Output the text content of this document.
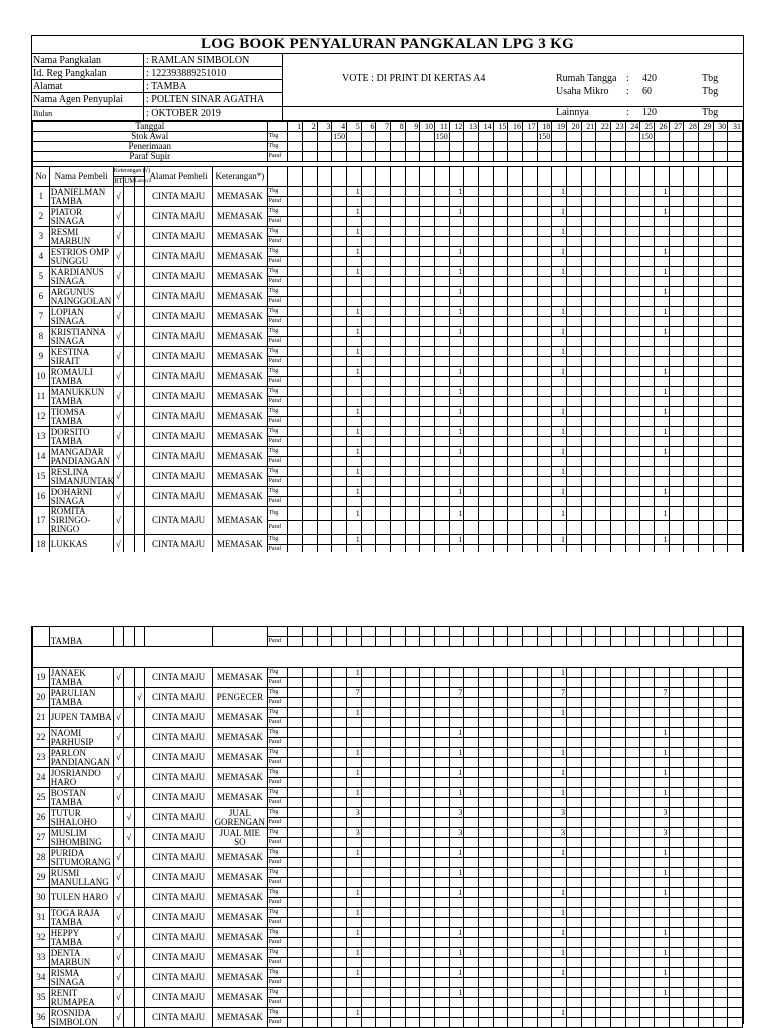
LOG BOOK PENYALURAN PANGKALAN LPG 3 KG
Nama Pangkalan	: RAMLAN SIMBOLON
Id. Reg Pangkalan	: 122393889251010
Alamat	: TAMBA
Nama Agen Penyuplai : POLTEN SINAR AGATHA
VOTE : DI PRINT DI KERTAS A4	Rumah Tangga : 420	Tbg
Usaha Mikro : 60	Tbg
Bulan	: OKTOBER 2019	Lainnya	: 120	Tbg
Tanggal								1	2	3	4	5	6	7	8	9	10	11	12	13	14	15	16	17	18	19	20	21	22	23	24	25	26	27	28	29	30	31
Stok Awal							Tbg				150							150							150							150						
Penerimaan							Tbg																															
Paraf Supir							Paraf																															

No	Nama Pembeli	Keterangan (√)			Alamat Pembeli	Keterangan*)																																
		RT	UM	Lainnya																																		
1	DANIELMAN TAMBA	√			CINTA MAJU	MEMASAK	Tbg					1							1							1							1					
							Paraf																															
2	PIATOR SINAGA	√			CINTA MAJU	MEMASAK	Tbg					1							1							1							1					
							Paraf																															
3	RESMI MARBUN	√			CINTA MAJU	MEMASAK	Tbg					1														1												
							Paraf																															
4	ESTRIOS OMP SUNGGU	√			CINTA MAJU	MEMASAK	Tbg					1							1							1							1					
							Paraf																															
5	KARDIANUS SINAGA	√			CINTA MAJU	MEMASAK	Tbg					1							1							1							1					
							Paraf																															
6	ARGUNUS NAINGGOLAN	√			CINTA MAJU	MEMASAK	Tbg												1														1					
							Paraf																															
7	LOPIAN SINAGA	√			CINTA MAJU	MEMASAK	Tbg					1							1							1							1					
							Paraf																															
8	KRISTIANNA SINAGA	√			CINTA MAJU	MEMASAK	Tbg					1							1							1							1					
							Paraf																															
9	KESTINA SIRAIT	√			CINTA MAJU	MEMASAK	Tbg					1														1												
							Paraf																															
10	ROMAULI TAMBA	√			CINTA MAJU	MEMASAK	Tbg					1							1							1							1					
							Paraf																															
11	MANUKKUN TAMBA	√			CINTA MAJU	MEMASAK	Tbg												1														1					
							Paraf																															
12	TIOMSA TAMBA	√			CINTA MAJU	MEMASAK	Tbg					1							1							1							1					
							Paraf																															
13	DORSITO TAMBA	√			CINTA MAJU	MEMASAK	Tbg					1							1							1							1					
							Paraf																															
14	MANGADAR PANDIANGAN	√			CINTA MAJU	MEMASAK	Tbg					1							1							1							1					
							Paraf																															
15	RESLINA SIMANJUNTAK	√			CINTA MAJU	MEMASAK	Tbg					1														1												
							Paraf																															
16	DOHARNI SINAGA	√			CINTA MAJU	MEMASAK	Tbg					1							1							1							1					
							Paraf																															
17	ROMITA SIRINGO-RINGO	√			CINTA MAJU	MEMASAK	Tbg					1							1							1							1					
							Paraf																															
18	LUKKAS	√			CINTA MAJU	MEMASAK	Tbg					1							1							1							1					
							Paraf																															
	TAMBA																																					
							Paraf																															

19	JANAEK TAMBA	√			CINTA MAJU	MEMASAK	Tbg					1														1												
							Paraf																															
20	PARULIAN TAMBA			√	CINTA MAJU	PENGECER	Tbg					7							7							7							7					
							Paraf																															
21	JUPEN TAMBA	√			CINTA MAJU	MEMASAK	Tbg					1														1												
							Paraf																															
22	NAOMI PARHUSIP	√			CINTA MAJU	MEMASAK	Tbg												1														1					
							Paraf																															
23	PARLON PANDIANGAN	√			CINTA MAJU	MEMASAK	Tbg					1							1							1							1					
							Paraf																															
24	JOSRIANDO HARO	√			CINTA MAJU	MEMASAK	Tbg					1							1							1							1					
							Paraf																															
25	BOSTAN TAMBA	√			CINTA MAJU	MEMASAK	Tbg					1							1							1							1					
							Paraf																															
26	TUTUR SIHALOHO		√		CINTA MAJU	JUAL GORENGAN	Tbg					3							3							3							3					
							Paraf																															
27	MUSLIM SIHOMBING		√		CINTA MAJU	JUAL MIE SO	Tbg					3							3							3							3					
							Paraf																															
28	PURIDA SITUMORANG	√			CINTA MAJU	MEMASAK	Tbg					1							1							1							1					
							Paraf																															
29	RUSMI MANULLANG	√			CINTA MAJU	MEMASAK	Tbg												1														1					
							Paraf																															
30	TULEN HARO	√			CINTA MAJU	MEMASAK	Tbg					1							1							1							1					
							Paraf																															
31	TOGA RAJA TAMBA	√			CINTA MAJU	MEMASAK	Tbg					1														1												
							Paraf																															
32	HEPPY TAMBA	√			CINTA MAJU	MEMASAK	Tbg					1							1							1							1					
							Paraf																															
33	DENTA MARBUN	√			CINTA MAJU	MEMASAK	Tbg					1							1							1							1					
							Paraf																															
34	RISMA SINAGA	√			CINTA MAJU	MEMASAK	Tbg					1							1							1							1					
							Paraf																															
35	RENIT RUMAPEA	√			CINTA MAJU	MEMASAK	Tbg												1														1					
							Paraf																															
36	ROSNIDA SIMBOLON	√			CINTA MAJU	MEMASAK	Tbg					1														1												
							Paraf																															
